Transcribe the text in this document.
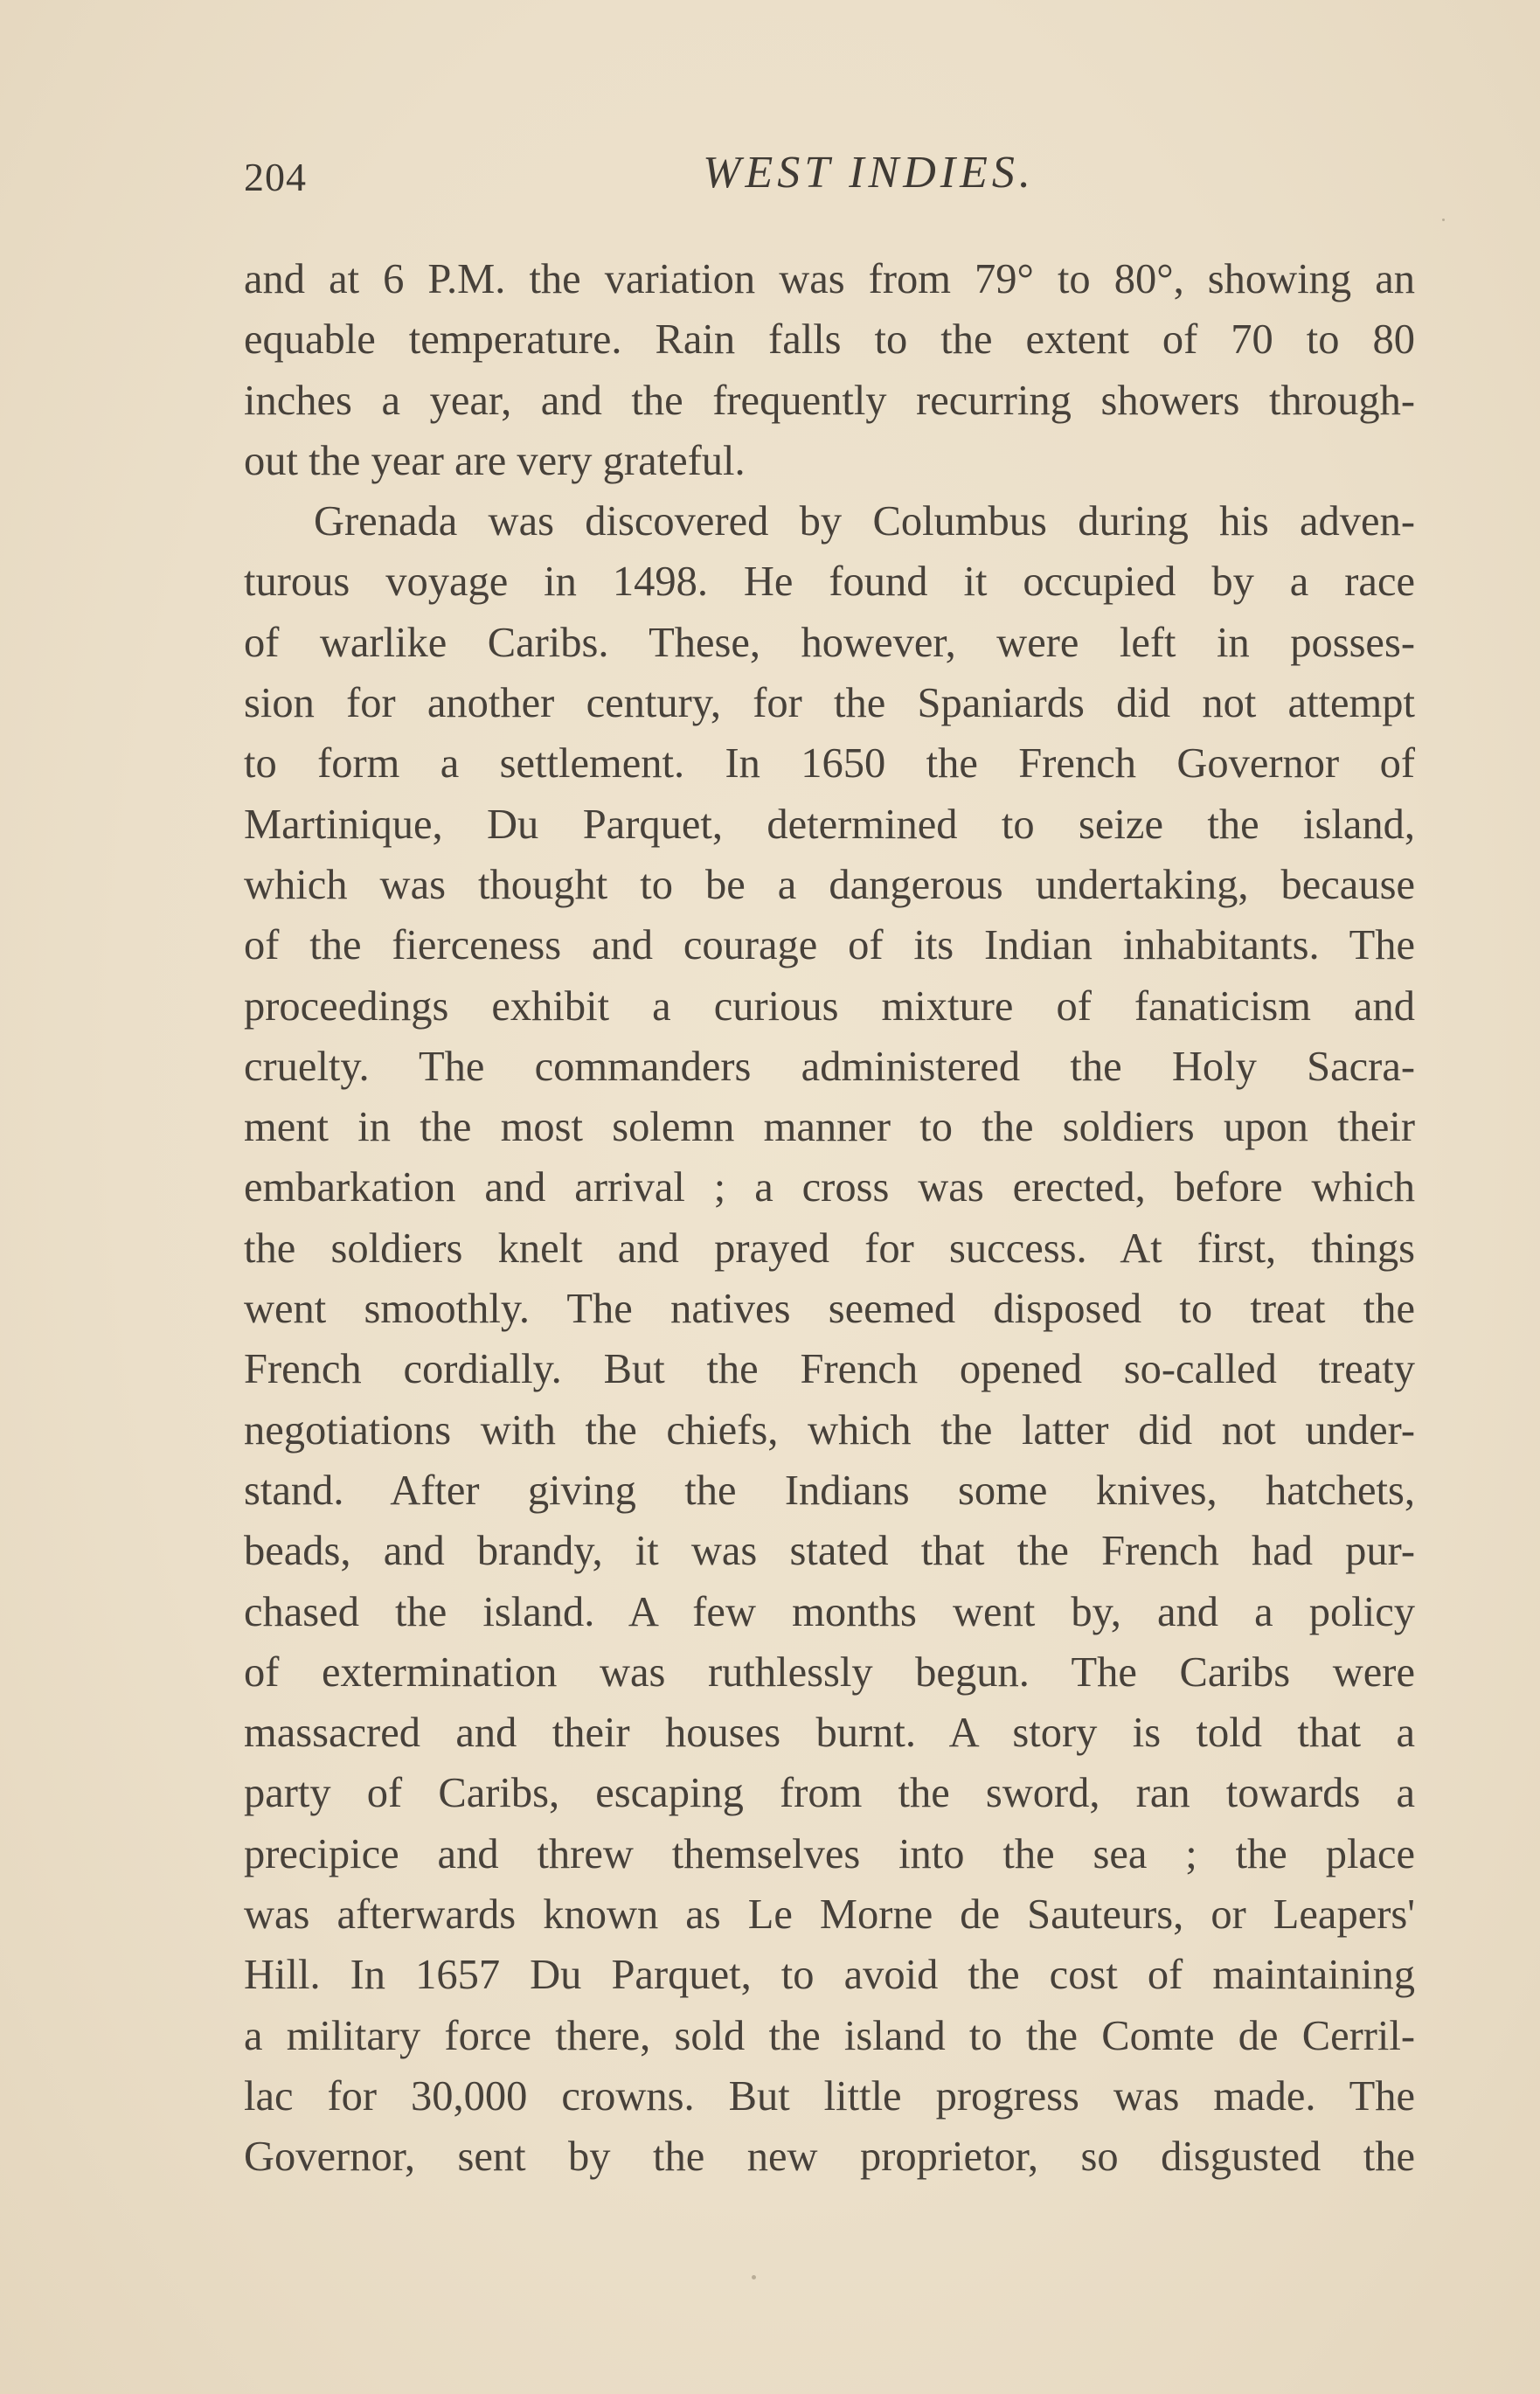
204	WEST INDIES.
and at 6 P.M. the variation was from 79° to 80°, showing an
equable temperature. Rain falls to the extent of 70 to 80
inches a year, and the frequently recurring showers through-
out the year are very grateful.
Grenada was discovered by Columbus during his adven-
turous voyage in 1498. He found it occupied by a race
of warlike Caribs. These, however, were left in posses-
sion for another century, for the Spaniards did not attempt
to form a settlement. In 1650 the French Governor of
Martinique, Du Parquet, determined to seize the island,
which was thought to be a dangerous undertaking, because
of the fierceness and courage of its Indian inhabitants. The
proceedings exhibit a curious mixture of fanaticism and
cruelty. The commanders administered the Holy Sacra-
ment in the most solemn manner to the soldiers upon their
embarkation and arrival ; a cross was erected, before which
the soldiers knelt and prayed for success. At first, things
went smoothly. The natives seemed disposed to treat the
French cordially. But the French opened so-called treaty
negotiations with the chiefs, which the latter did not under-
stand. After giving the Indians some knives, hatchets,
beads, and brandy, it was stated that the French had pur-
chased the island. A few months went by, and a policy
of extermination was ruthlessly begun. The Caribs were
massacred and their houses burnt. A story is told that a
party of Caribs, escaping from the sword, ran towards a
precipice and threw themselves into the sea ; the place
was afterwards known as Le Morne de Sauteurs, or Leapers'
Hill. In 1657 Du Parquet, to avoid the cost of maintaining
a military force there, sold the island to the Comte de Cerril-
lac for 30,000 crowns. But little progress was made. The
Governor, sent by the new proprietor, so disgusted the
